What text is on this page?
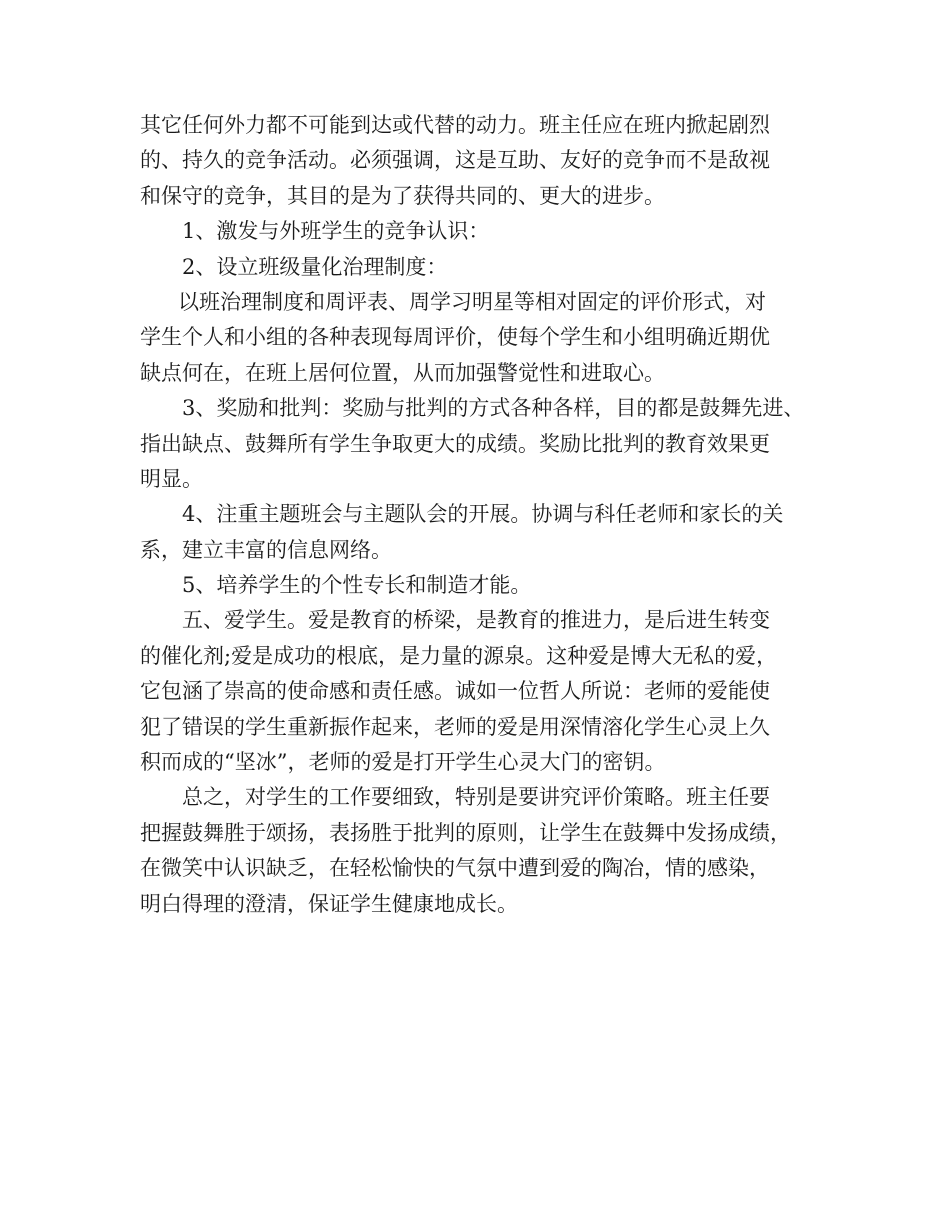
其它任何外力都不可能到达或代替的动力。班主任应在班内掀起剧烈
的、持久的竞争活动。必须强调，这是互助、友好的竞争而不是敌视
和保守的竞争，其目的是为了获得共同的、更大的进步。
1、激发与外班学生的竞争认识：
2、设立班级量化治理制度：
以班治理制度和周评表、周学习明星等相对固定的评价形式，对
学生个人和小组的各种表现每周评价，使每个学生和小组明确近期优
缺点何在，在班上居何位置，从而加强警觉性和进取心。
3、奖励和批判：奖励与批判的方式各种各样，目的都是鼓舞先进、
指出缺点、鼓舞所有学生争取更大的成绩。奖励比批判的教育效果更
明显。
4、注重主题班会与主题队会的开展。协调与科任老师和家长的关
系，建立丰富的信息网络。
5、培养学生的个性专长和制造才能。
五、爱学生。爱是教育的桥梁，是教育的推进力，是后进生转变
的催化剂;爱是成功的根底，是力量的源泉。这种爱是博大无私的爱，
它包涵了崇高的使命感和责任感。诚如一位哲人所说：老师的爱能使
犯了错误的学生重新振作起来，老师的爱是用深情溶化学生心灵上久
积而成的“坚冰”，老师的爱是打开学生心灵大门的密钥。
总之，对学生的工作要细致，特别是要讲究评价策略。班主任要
把握鼓舞胜于颂扬，表扬胜于批判的原则，让学生在鼓舞中发扬成绩，
在微笑中认识缺乏，在轻松愉快的气氛中遭到爱的陶冶，情的感染，
明白得理的澄清，保证学生健康地成长。
